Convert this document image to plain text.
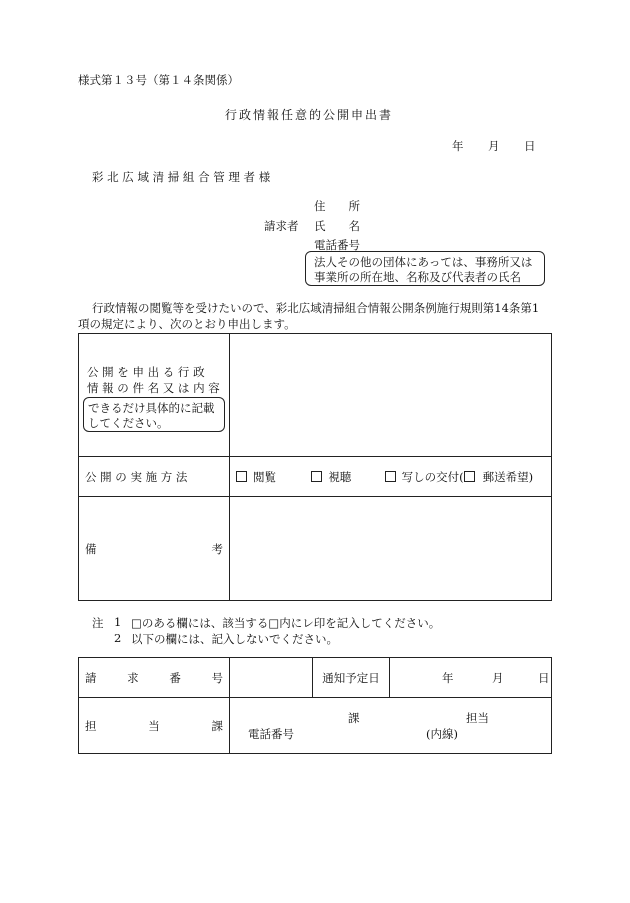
様式第１３号（第１４条関係）
行政情報任意的公開申出書
年 月 日
彩 北 広 域 清 掃 組 合 管 理 者 様
住　　所
請求者 氏　　名
電話番号
法人その他の団体にあっては、事務所又は
事業所の所在地、名称及び代表者の氏名
行政情報の閲覧等を受けたいので、彩北広域清掃組合情報公開条例施行規則第14条第1
項の規定により、次のとおり申出します。
公 開 を 申 出 る 行 政
情 報 の 件 名 又 は 内 容
できるだけ具体的に記載
してください。	

公 開 の 実 施 方 法	閲覧 視聴 写しの交付( 郵送希望)

備 考	

注 1 □のある欄には、該当する□内にレ印を記入してください。
2 以下の欄には、記入しないでください。
請 求 番 号		通知予定日	年 月 日

担 当 課	課 担当
電話番号 (内線)		
